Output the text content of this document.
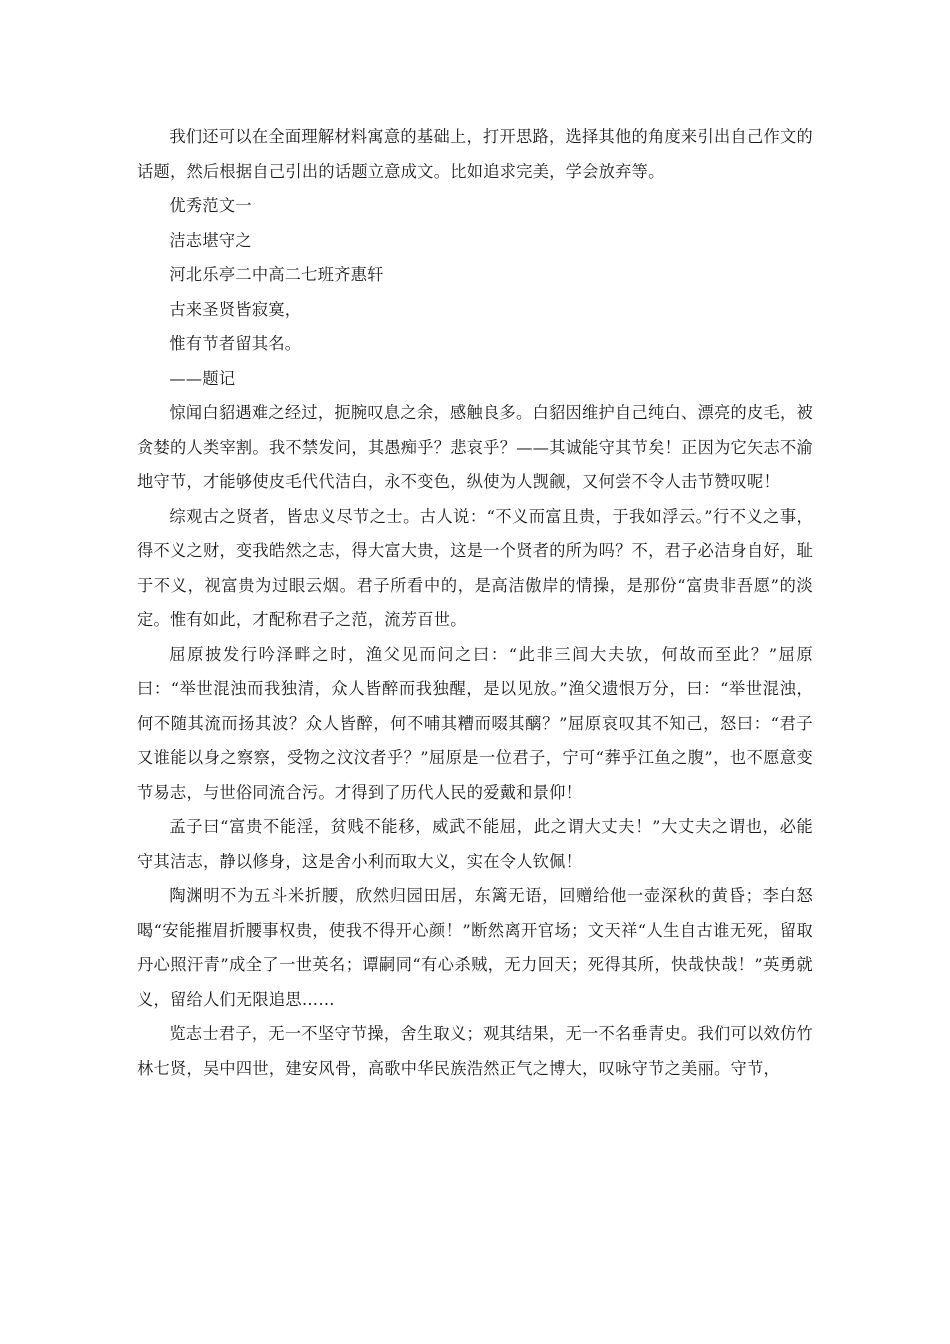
我们还可以在全面理解材料寓意的基础上，打开思路，选择其他的角度来引出自己作文的话题，然后根据自己引出的话题立意成文。比如追求完美，学会放弃等。

优秀范文一

洁志堪守之

河北乐亭二中高二七班齐惠轩

古来圣贤皆寂寞，

惟有节者留其名。

——题记

惊闻白貂遇难之经过，扼腕叹息之余，感触良多。白貂因维护自己纯白、漂亮的皮毛，被贪婪的人类宰割。我不禁发问，其愚痴乎？悲哀乎？——其诚能守其节矣！正因为它矢志不渝地守节，才能够使皮毛代代洁白，永不变色，纵使为人觊觎，又何尝不令人击节赞叹呢！

综观古之贤者，皆忠义尽节之士。古人说：“不义而富且贵，于我如浮云。”行不义之事，得不义之财，变我皓然之志，得大富大贵，这是一个贤者的所为吗？不，君子必洁身自好，耻于不义，视富贵为过眼云烟。君子所看中的，是高洁傲岸的情操，是那份“富贵非吾愿”的淡定。惟有如此，才配称君子之范，流芳百世。

屈原披发行吟泽畔之时，渔父见而问之曰：“此非三闾大夫欤，何故而至此？”屈原曰：“举世混浊而我独清，众人皆醉而我独醒，是以见放。”渔父遗恨万分，曰：“举世混浊，何不随其流而扬其波？众人皆醉，何不哺其糟而啜其醨？”屈原哀叹其不知己，怒曰：“君子又谁能以身之察察，受物之汶汶者乎？”屈原是一位君子，宁可“葬乎江鱼之腹”，也不愿意变节易志，与世俗同流合污。才得到了历代人民的爱戴和景仰！

孟子曰“富贵不能淫，贫贱不能移，威武不能屈，此之谓大丈夫！”大丈夫之谓也，必能守其洁志，静以修身，这是舍小利而取大义，实在令人钦佩！

陶渊明不为五斗米折腰，欣然归园田居，东篱无语，回赠给他一壶深秋的黄昏；李白怒喝“安能摧眉折腰事权贵，使我不得开心颜！”断然离开官场；文天祥“人生自古谁无死，留取丹心照汗青”成全了一世英名；谭嗣同“有心杀贼，无力回天；死得其所，快哉快哉！”英勇就义，留给人们无限追思……

览志士君子，无一不坚守节操，舍生取义；观其结果，无一不名垂青史。我们可以效仿竹林七贤，吴中四世，建安风骨，高歌中华民族浩然正气之博大，叹咏守节之美丽。守节，
